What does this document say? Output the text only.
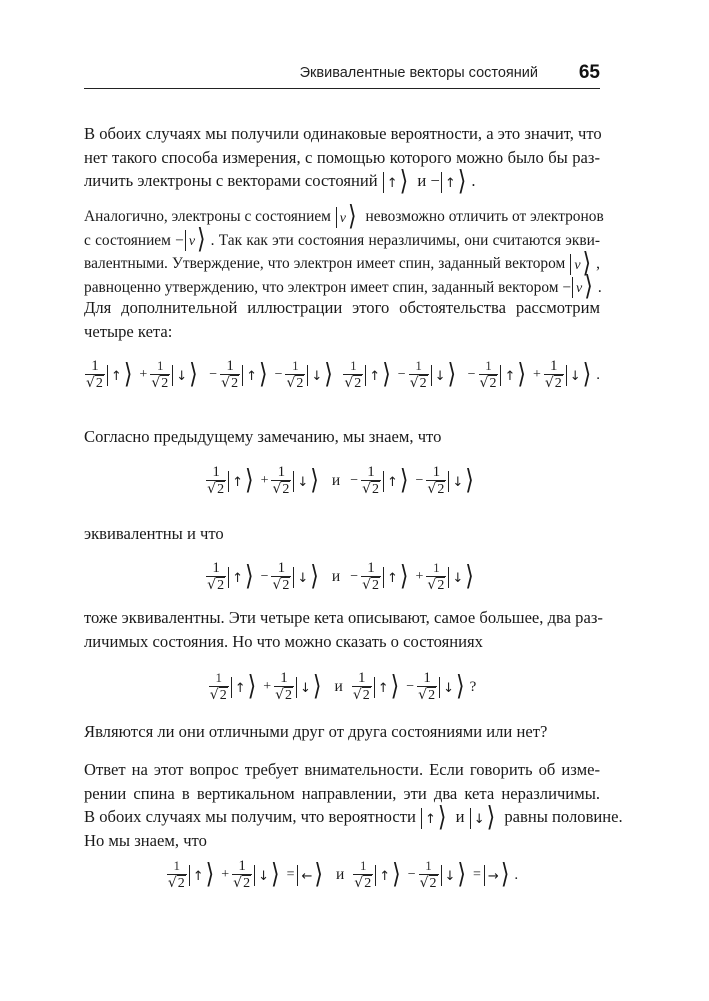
Эквивалентные векторы состояний 65

В обоих случаях мы получили одинаковые вероятности, а это значит, что
нет такого способа измерения, с помощью которого можно было бы раз-
личить электроны с векторами состояний ↑⟩ и − ↑⟩ .

Аналогично, электроны с состоянием v⟩ невозможно отличить от электронов
с состоянием − v⟩ . Так как эти состояния неразличимы, они считаются экви-
валентными. Утверждение, что электрон имеет спин, заданный вектором v⟩ ,
равноценно утверждению, что электрон имеет спин, заданный вектором − v⟩ .

Для дополнительной иллюстрации этого обстоятельства рассмотрим
четыре кета:

$\frac{1}{√ 2}$ ↑⟩ + $\frac{1}{√ 2}$ ↓⟩ − $\frac{1}{√ 2}$ ↑⟩ − $\frac{1}{√ 2}$ ↓⟩ $\frac{1}{√ 2}$ ↑⟩ − $\frac{1}{√ 2}$ ↓⟩ − $\frac{1}{√ 2}$ ↑⟩ + $\frac{1}{√ 2}$ ↓⟩ .

Согласно предыдущему замечанию, мы знаем, что

$\frac{1}{√ 2}$ ↑⟩ + $\frac{1}{√ 2}$ ↓⟩ $и - \frac{1}{√ 2}$ ↑⟩ − $\frac{1}{√ 2}$ ↓⟩

эквивалентны и что

$\frac{1}{√ 2}$ ↑⟩ − $\frac{1}{√ 2}$ ↓⟩ $и - \frac{1}{√ 2}$ ↑⟩ + $\frac{1}{√ 2}$ ↓⟩

тоже эквивалентны. Эти четыре кета описывают, самое большее, два раз-
личимых состояния. Но что можно сказать о состояниях

$\frac{1}{√ 2}$ ↑⟩ + $\frac{1}{√ 2}$ ↓⟩ и $\frac{1}{√ 2}$ ↑⟩ − $\frac{1}{√ 2}$ ↓⟩ ?

Являются ли они отличными друг от друга состояниями или нет?

Ответ на этот вопрос требует внимательности. Если говорить об изме-
рении спина в вертикальном направлении, эти два кета неразличимы.
В обоих случаях мы получим, что вероятности ↑⟩ и ↓⟩ равны половине.
Но мы знаем, что

$\frac{1}{√ 2}$ ↑⟩ + $\frac{1}{√ 2}$ ↓⟩ = ←⟩ и $\frac{1}{√ 2}$ ↑⟩ − $\frac{1}{√ 2}$ ↓⟩ = →⟩ .
